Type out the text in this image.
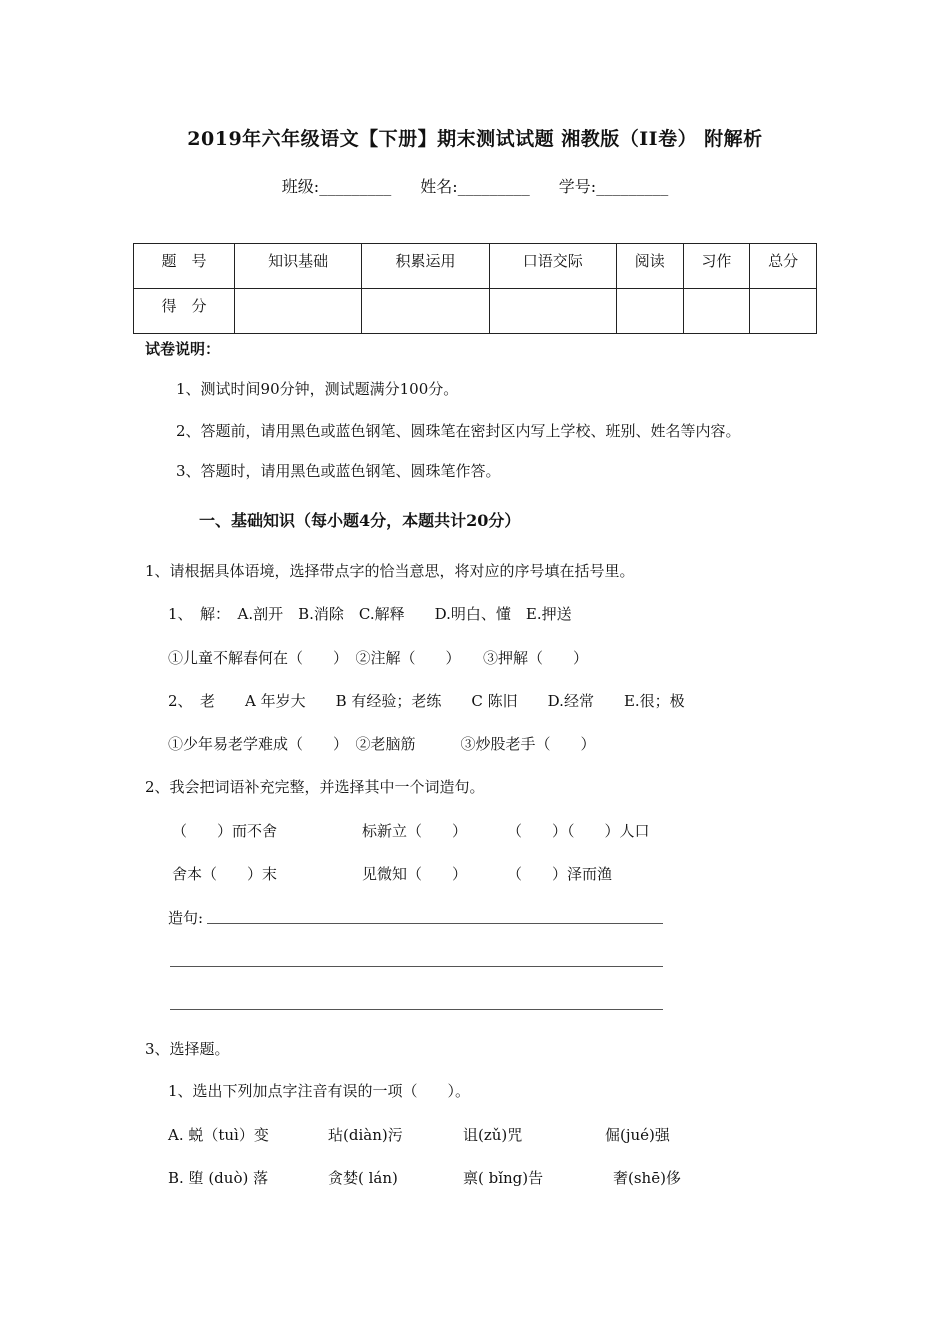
2019年六年级语文【下册】期末测试试题 湘教版（II卷） 附解析
班级:_________ 姓名:_________ 学号:_________
题　号	知识基础	积累运用	口语交际	阅读	习作	总分
得　分						
试卷说明：
1、测试时间90分钟，测试题满分100分。
2、答题前，请用黑色或蓝色钢笔、圆珠笔在密封区内写上学校、班别、姓名等内容。
3、答题时，请用黑色或蓝色钢笔、圆珠笔作答。
一、基础知识（每小题4分，本题共计20分）
1、请根据具体语境，选择带点字的恰当意思，将对应的序号填在括号里。
1、　解：　A.剖开　B.消除　C.解释　　D.明白、懂　E.押送
①儿童不解春何在（　　）　②注解（　　）　　③押解（　　）
2、　老　　A 年岁大　　B 有经验；老练　　C 陈旧　　D.经常　　E.很；极
①少年易老学难成（　　）　②老脑筋　　　③炒股老手（　　）
2、我会把词语补充完整，并选择其中一个词造句。
（　　）而不舍	标新立（　　）	（　　）（　　）人口
舍本（　　）末	见微知（　　）	（　　）泽而渔
造句:
3、选择题。
1、选出下列加点字注音有误的一项（　　）。
A. 蜕（tuì）变	玷(diàn)污	诅(zǔ)咒	倔(jué)强
B. 堕 (duò) 落	贪婪( lán)	禀( bǐng)告	奢(shē)侈
